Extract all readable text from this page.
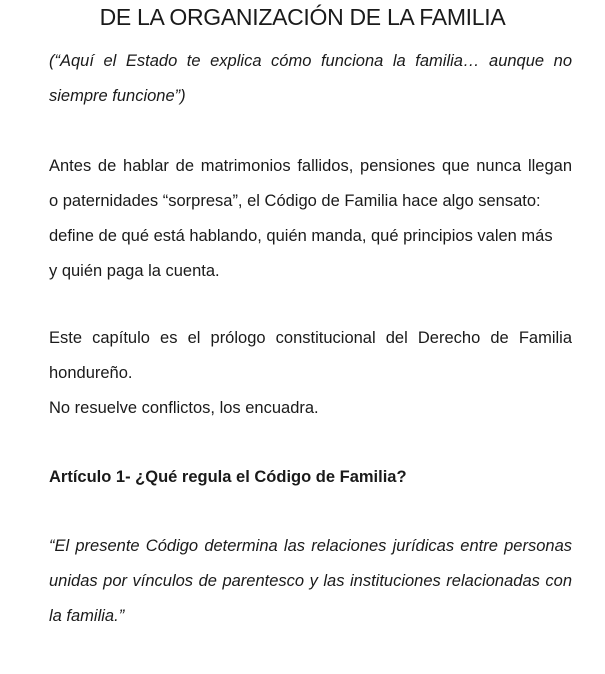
DE LA ORGANIZACIÓN DE LA FAMILIA
(“Aquí el Estado te explica cómo funciona la familia… aunque no
siempre funcione”)
Antes de hablar de matrimonios fallidos, pensiones que nunca llegan
o paternidades “sorpresa”, el Código de Familia hace algo sensato:
define de qué está hablando, quién manda, qué principios valen más
y quién paga la cuenta.
Este capítulo es el prólogo constitucional del Derecho de Familia
hondureño.
No resuelve conflictos, los encuadra.
Artículo 1- ¿Qué regula el Código de Familia?
“El presente Código determina las relaciones jurídicas entre personas
unidas por vínculos de parentesco y las instituciones relacionadas con
la familia.”
